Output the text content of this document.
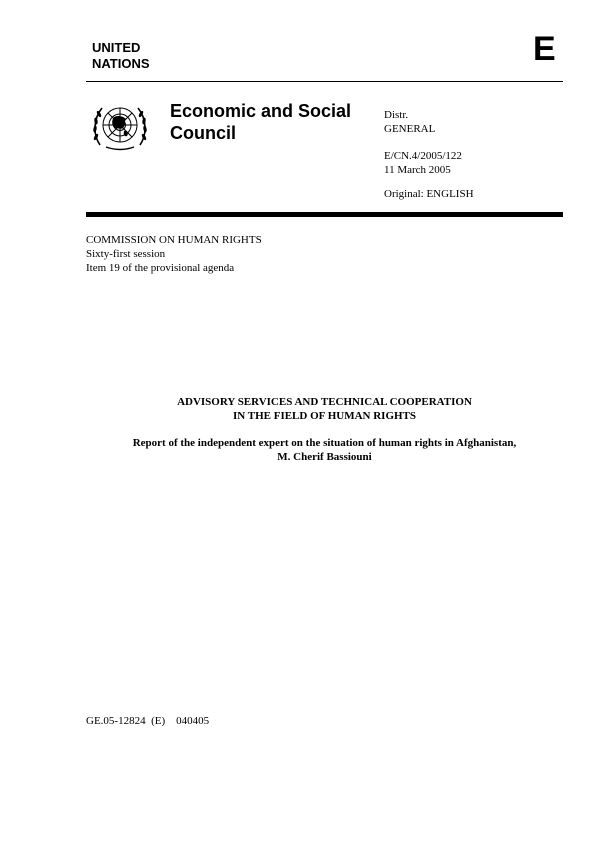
UNITED
NATIONS	E
Economic and Social
Council
Distr.
GENERAL
E/CN.4/2005/122
11 March 2005
Original: ENGLISH
COMMISSION ON HUMAN RIGHTS
Sixty-first session
Item 19 of the provisional agenda
ADVISORY SERVICES AND TECHNICAL COOPERATION
IN THE FIELD OF HUMAN RIGHTS
Report of the independent expert on the situation of human rights in Afghanistan,
M. Cherif Bassiouni
GE.05-12824  (E)    040405
